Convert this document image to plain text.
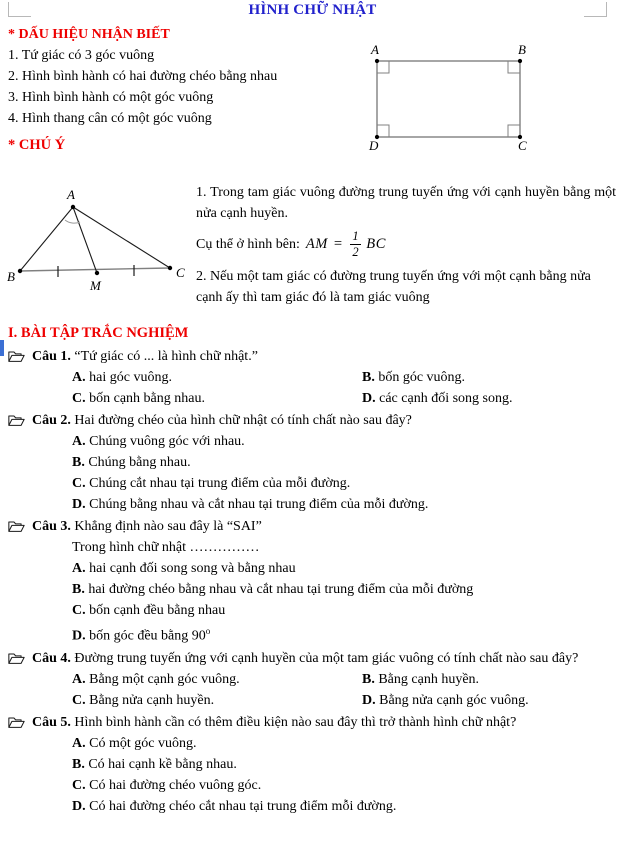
HÌNH CHỮ NHẬT
* DẤU HIỆU NHẬN BIẾT
1. Tứ giác có 3 góc vuông
2. Hình bình hành có hai đường chéo bằng nhau
3. Hình bình hành có một góc vuông
4. Hình thang cân có một góc vuông
* CHÚ Ý
A	B
C
D
A
B
M
C

1. Trong tam giác vuông đường trung tuyến ứng với cạnh huyền bằng một nửa cạnh huyền.

Cụ thể ở hình bên: AM = $\frac{1}{2}$ BC

2. Nếu một tam giác có đường trung tuyến ứng với một cạnh bằng nửa cạnh ấy thì tam giác đó là tam giác vuông

I. BÀI TẬP TRẮC NGHIỆM
Câu 1. “Tứ giác có ... là hình chữ nhật.”
A. hai góc vuông.	B. bốn góc vuông.
C. bốn cạnh bằng nhau.	D. các cạnh đối song song.
Câu 2. Hai đường chéo của hình chữ nhật có tính chất nào sau đây?
A. Chúng vuông góc với nhau.
B. Chúng bằng nhau.
C. Chúng cắt nhau tại trung điểm của mỗi đường.
D. Chúng bằng nhau và cắt nhau tại trung điểm của mỗi đường.
Câu 3. Khẳng định nào sau đây là “SAI”
Trong hình chữ nhật ……………
A. hai cạnh đối song song và bằng nhau
B. hai đường chéo bằng nhau và cắt nhau tại trung điểm của mỗi đường
C. bốn cạnh đều bằng nhau
D. bốn góc đều bằng 90$^o$
Câu 4. Đường trung tuyến ứng với cạnh huyền của một tam giác vuông có tính chất nào sau đây?
A. Bằng một cạnh góc vuông.	B. Bằng cạnh huyền.
C. Bằng nửa cạnh huyền.	D. Bằng nửa cạnh góc vuông.
Câu 5. Hình bình hành cần có thêm điều kiện nào sau đây thì trở thành hình chữ nhật?
A. Có một góc vuông.
B. Có hai cạnh kề bằng nhau.
C. Có hai đường chéo vuông góc.
D. Có hai đường chéo cắt nhau tại trung điểm mỗi đường.
